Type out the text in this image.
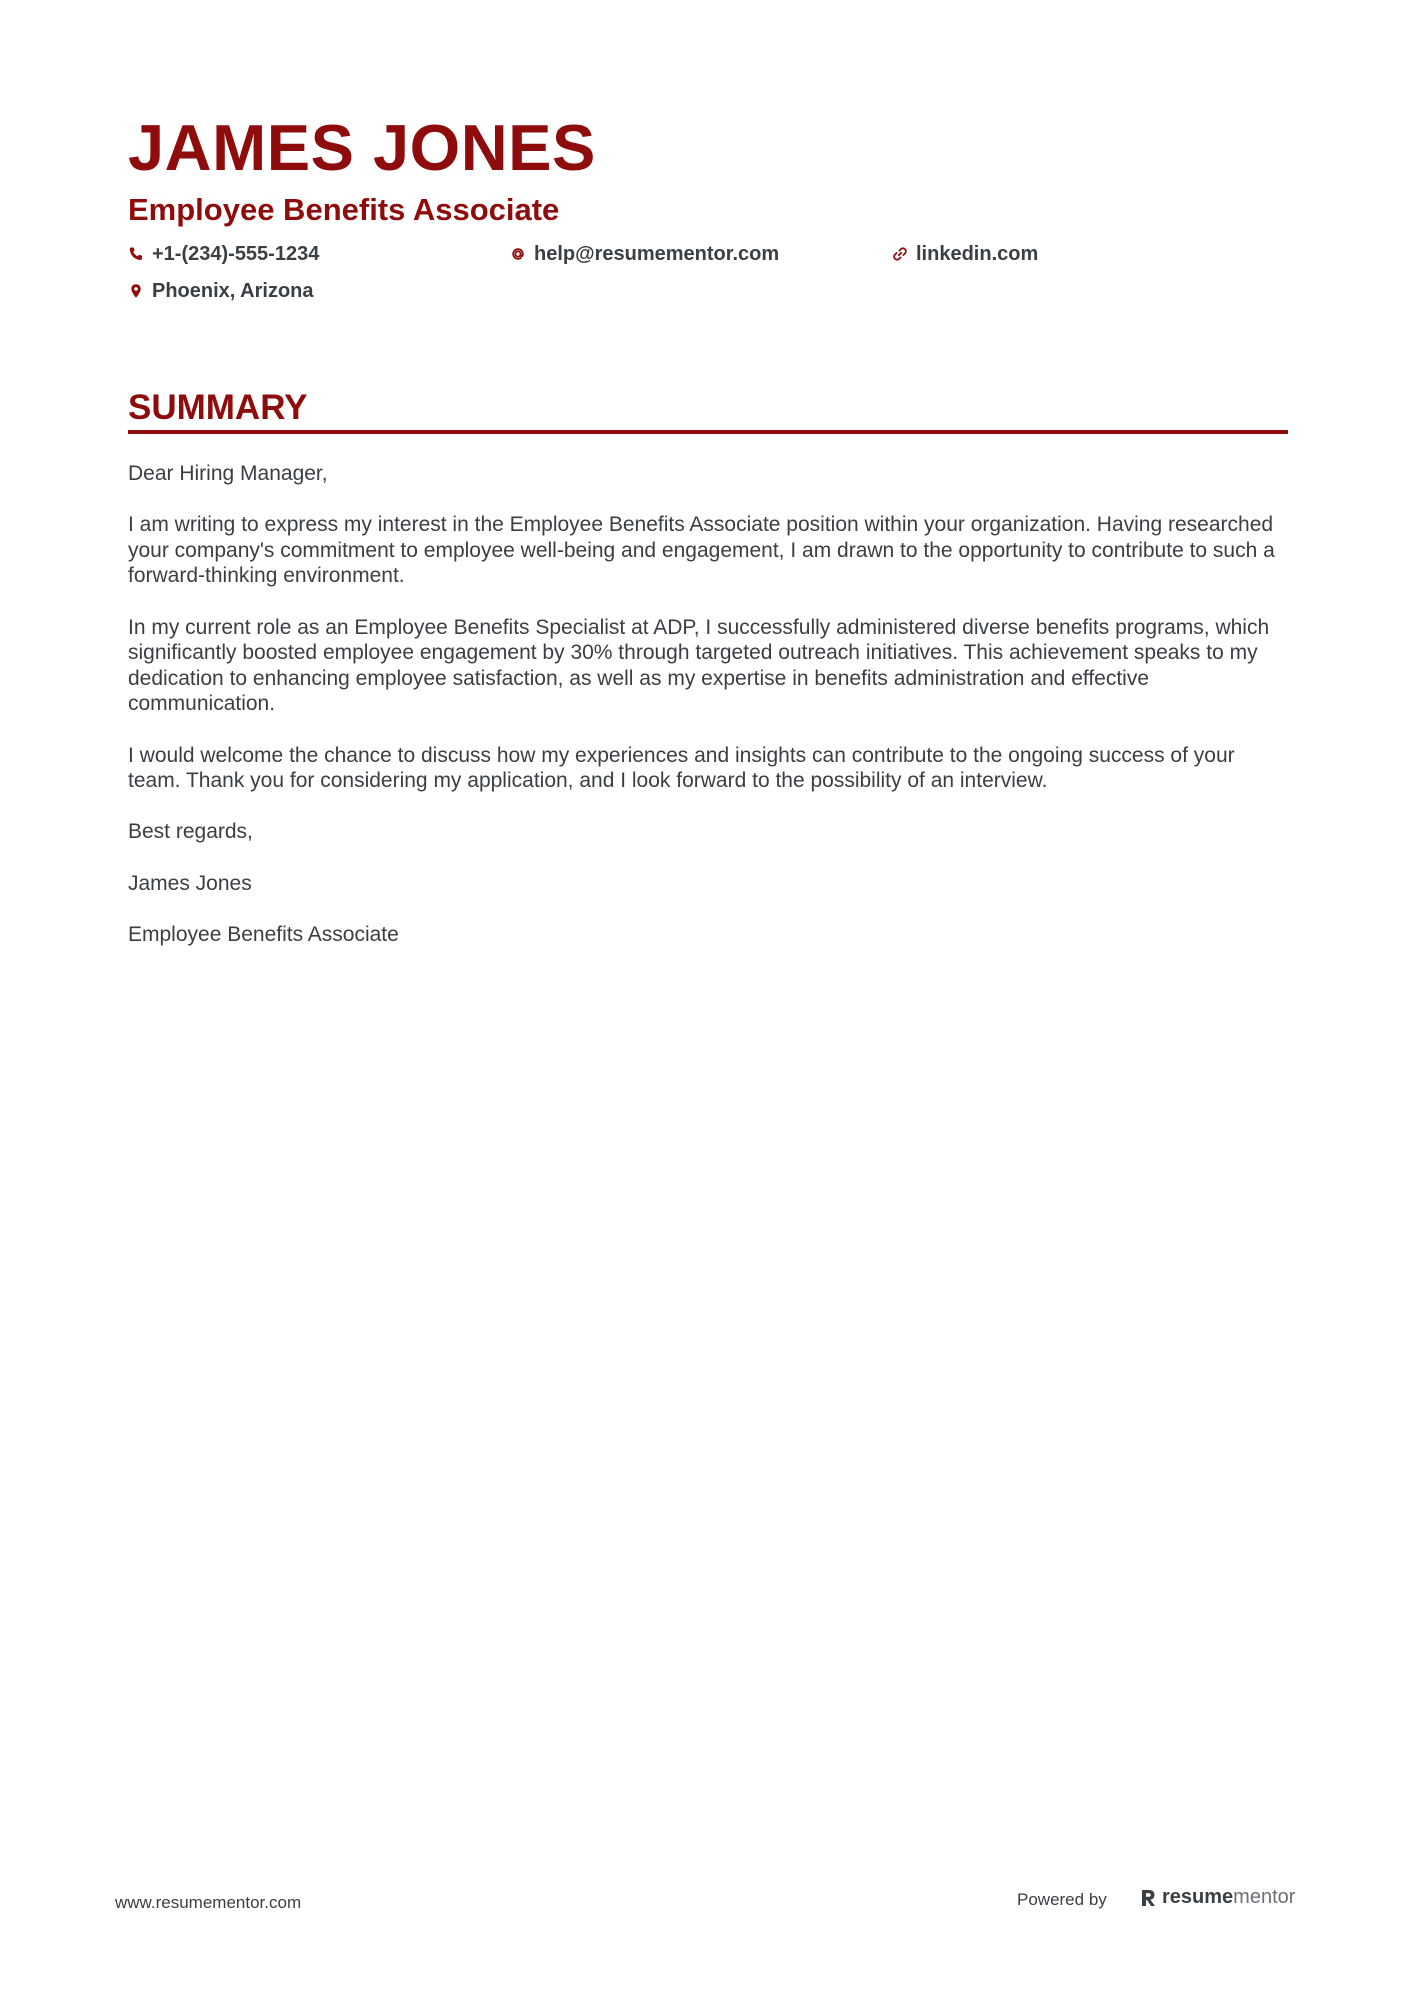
JAMES JONES
Employee Benefits Associate
+1-(234)-555-1234	help@resumementor.com	linkedin.com
Phoenix, Arizona
SUMMARY

Dear Hiring Manager,

I am writing to express my interest in the Employee Benefits Associate position within your organization. Having researched your company's commitment to employee well-being and engagement, I am drawn to the opportunity to contribute to such a forward-thinking environment.

In my current role as an Employee Benefits Specialist at ADP, I successfully administered diverse benefits programs, which significantly boosted employee engagement by 30% through targeted outreach initiatives. This achievement speaks to my dedication to enhancing employee satisfaction, as well as my expertise in benefits administration and effective communication.

I would welcome the chance to discuss how my experiences and insights can contribute to the ongoing success of your team. Thank you for considering my application, and I look forward to the possibility of an interview.

Best regards,

James Jones

Employee Benefits Associate

www.resumementor.com	Powered by	resume mentor
